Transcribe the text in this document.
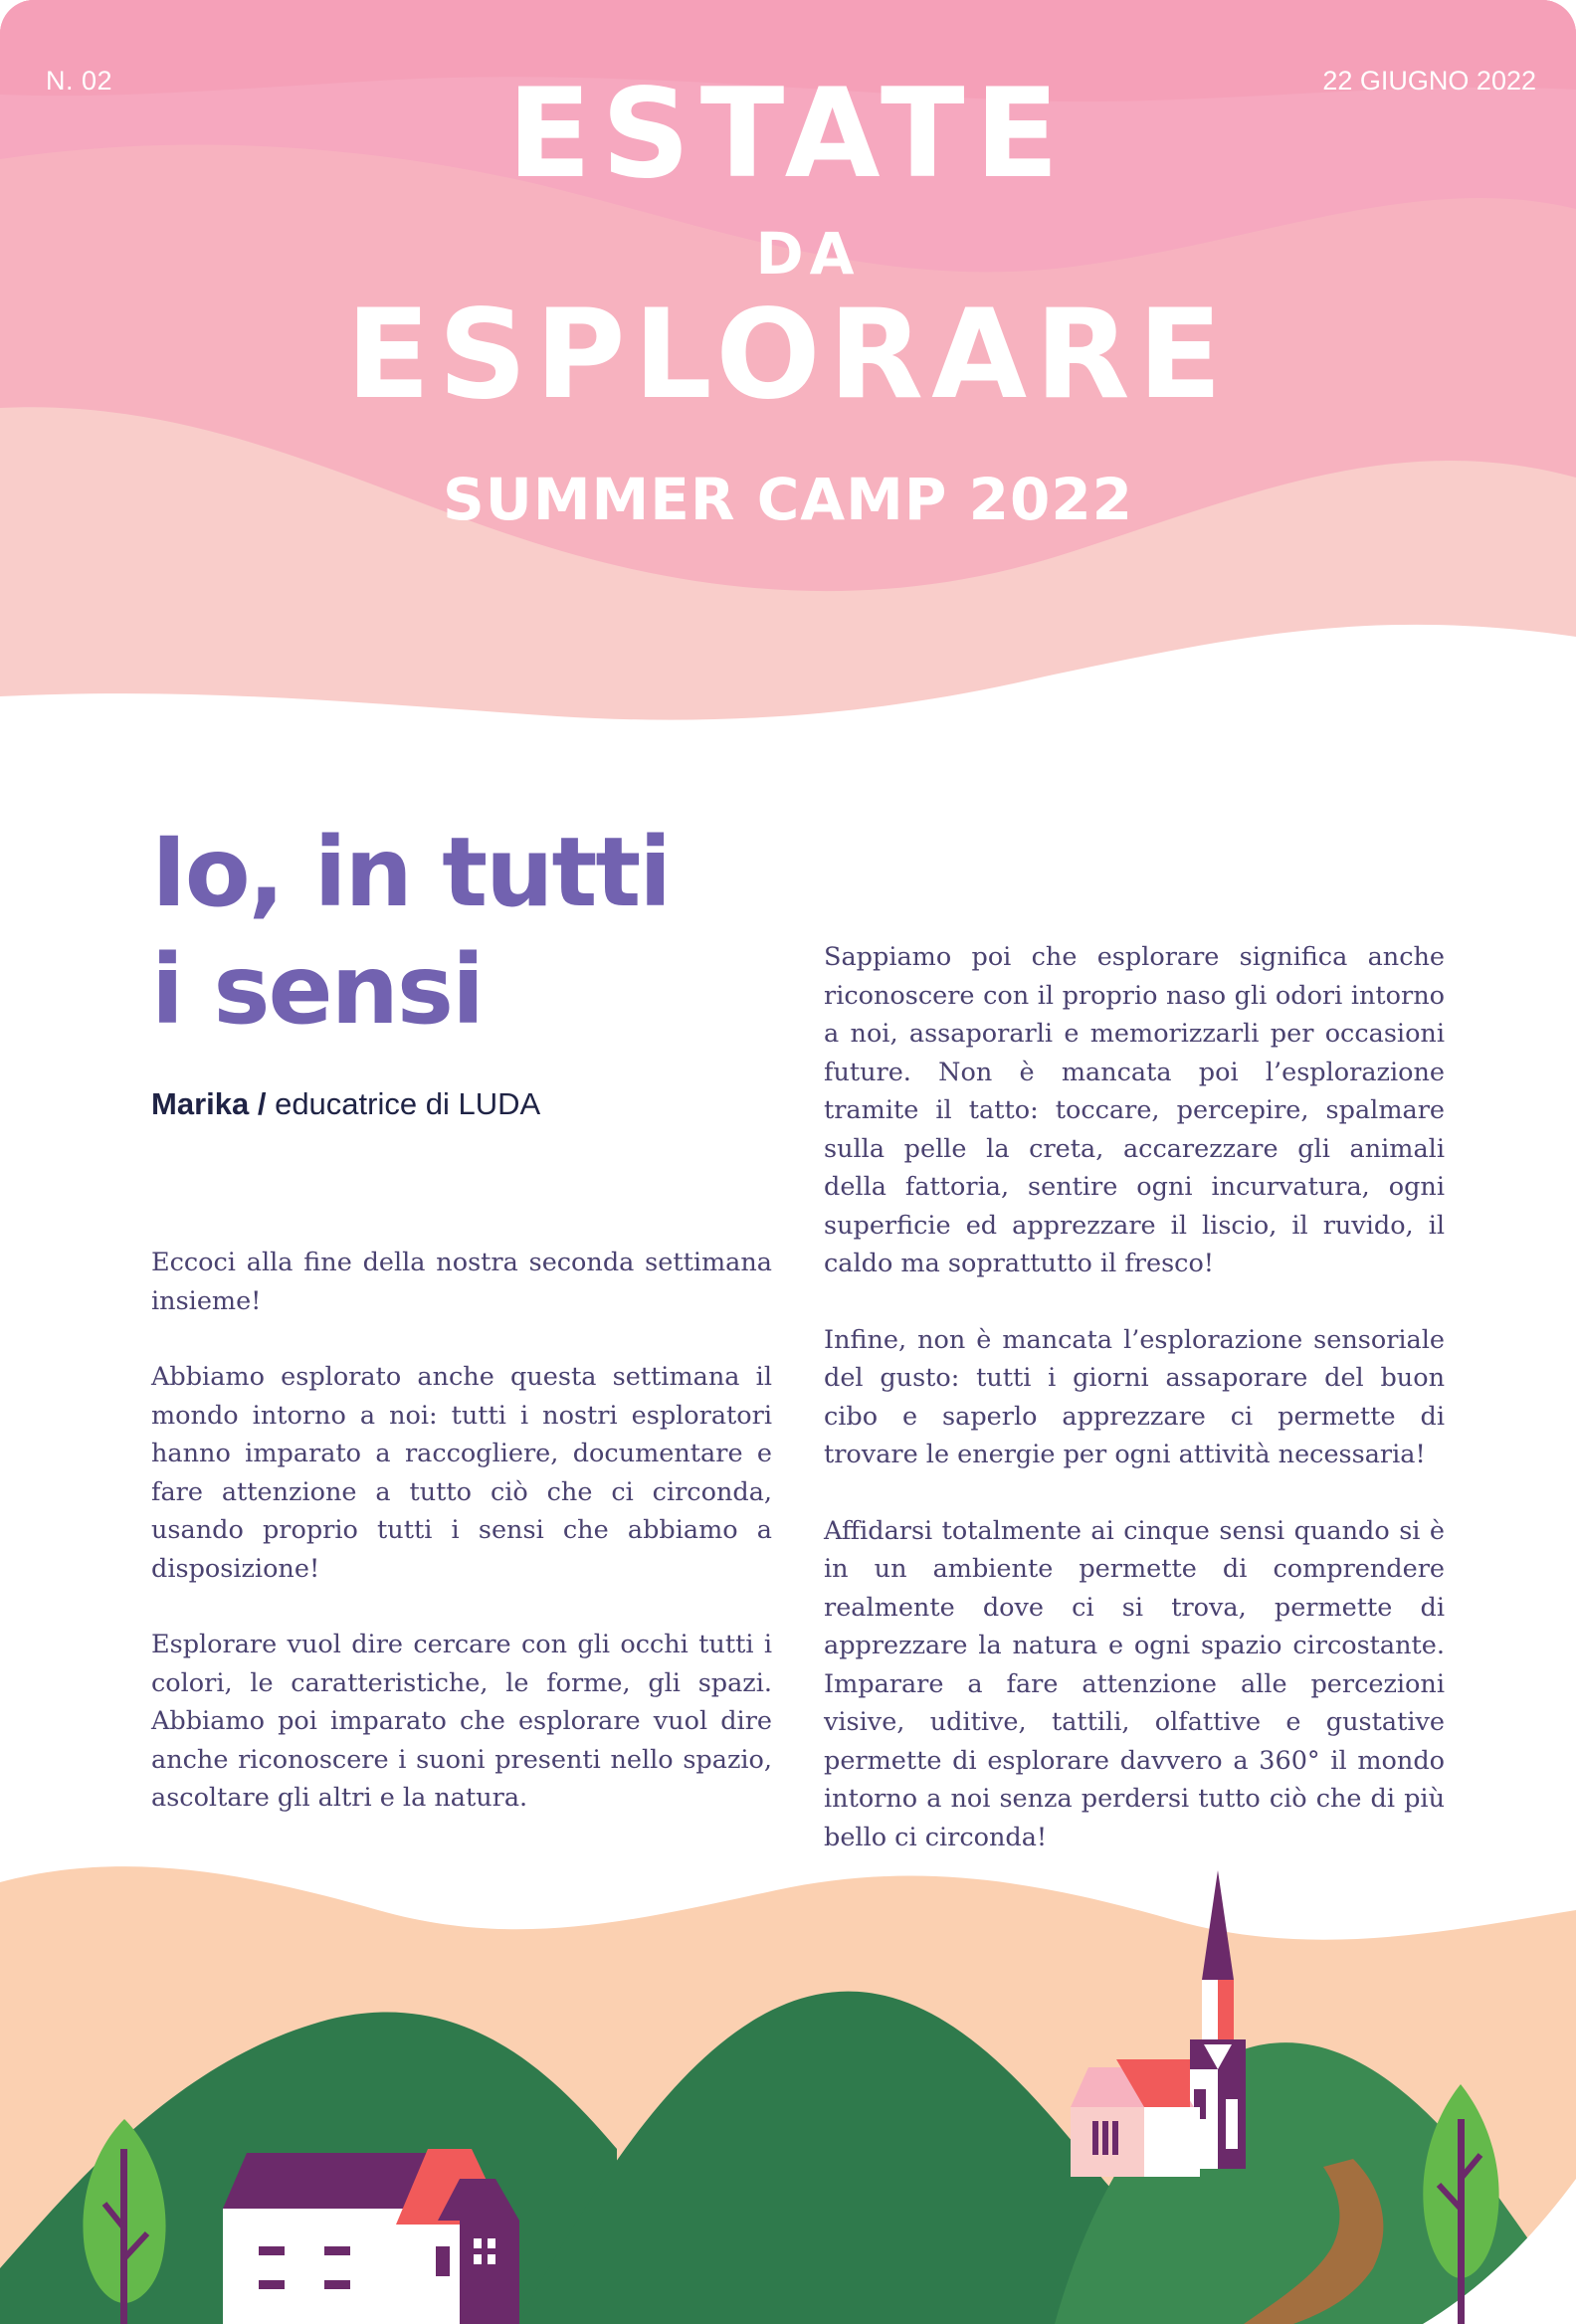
N. 02	22 GIUGNO 2022
ESTATE
DA
ESPLORARE
SUMMER CAMP 2022
Io, in tutti
i sensi
Marika / educatrice di LUDA

Eccoci alla fine della nostra seconda settimana insieme!

Abbiamo esplorato anche questa settimana il mondo intorno a noi: tutti i nostri esploratori hanno imparato a raccogliere, documentare e fare attenzione a tutto ciò che ci circonda, usando proprio tutti i sensi che abbiamo a disposizione!

Esplorare vuol dire cercare con gli occhi tutti i colori, le caratteristiche, le forme, gli spazi. Abbiamo poi imparato che esplorare vuol dire anche riconoscere i suoni presenti nello spazio, ascoltare gli altri e la natura.

Sappiamo poi che esplorare significa anche riconoscere con il proprio naso gli odori intorno a noi, assaporarli e memorizzarli per occasioni future. Non è mancata poi l’esplorazione tramite il tatto: toccare, percepire, spalmare sulla pelle la creta, accarezzare gli animali della fattoria, sentire ogni incurvatura, ogni superficie ed apprezzare il liscio, il ruvido, il caldo ma soprattutto il fresco!

Infine, non è mancata l’esplorazione sensoriale del gusto: tutti i giorni assaporare del buon cibo e saperlo apprezzare ci permette di trovare le energie per ogni attività necessaria!

Affidarsi totalmente ai cinque sensi quando si è in un ambiente permette di comprendere realmente dove ci si trova, permette di apprezzare la natura e ogni spazio circostante. Imparare a fare attenzione alle percezioni visive, uditive, tattili, olfattive e gustative permette di esplorare davvero a 360° il mondo intorno a noi senza perdersi tutto ciò che di più bello ci circonda!
